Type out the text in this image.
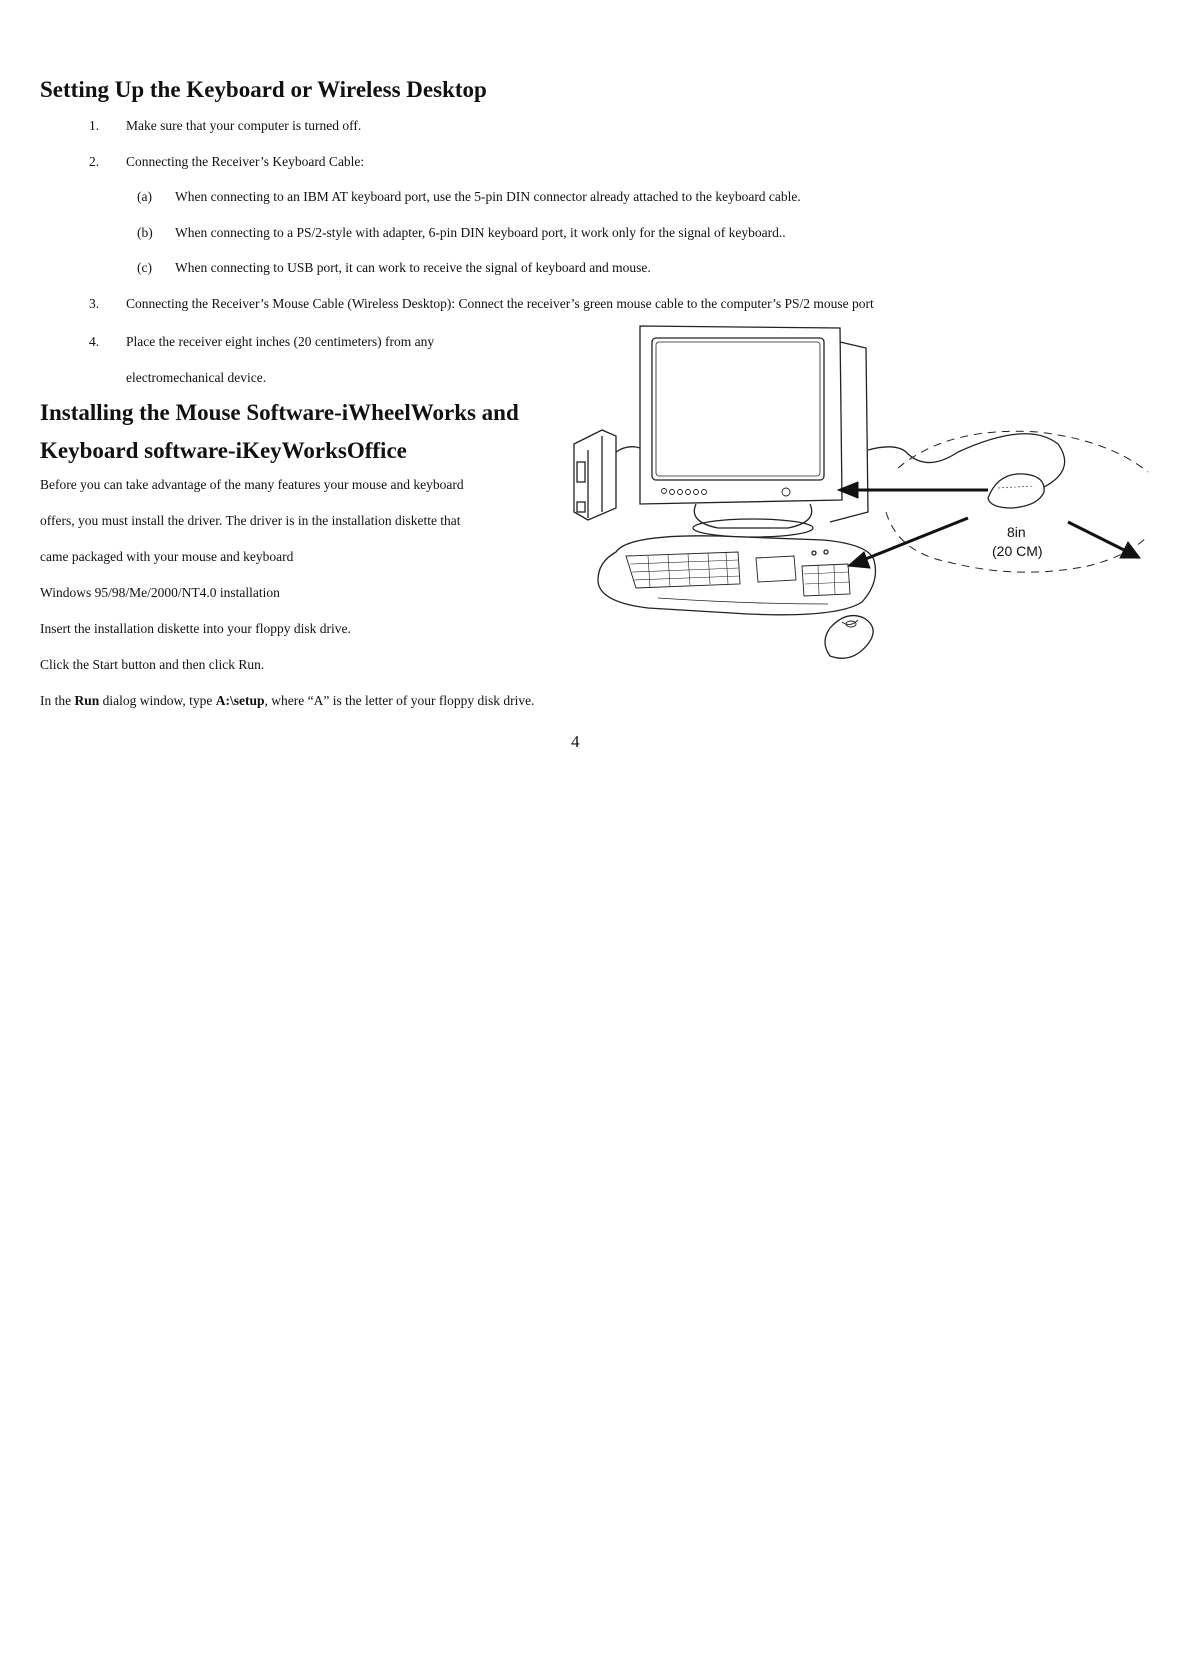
Setting Up the Keyboard or Wireless Desktop
1. Make sure that your computer is turned off.

2. Connecting the Receiver’s Keyboard Cable:

(a) When connecting to an IBM AT keyboard port, use the 5-pin DIN connector already attached to the keyboard cable.

(b) When connecting to a PS/2-style with adapter, 6-pin DIN keyboard port, it work only for the signal of keyboard..

(c) When connecting to USB port, it can work to receive the signal of keyboard and mouse.

3. Connecting the Receiver’s Mouse Cable (Wireless Desktop): Connect the receiver’s green mouse cable to the computer’s PS/2 mouse port

4. Place the receiver eight inches (20 centimeters) from any

electromechanical device.

Installing the Mouse Software-iWheelWorks and
Keyboard software-iKeyWorksOffice

Before you can take advantage of the many features your mouse and keyboard

offers, you must install the driver. The driver is in the installation diskette that

came packaged with your mouse and keyboard

Windows 95/98/Me/2000/NT4.0 installation

Insert the installation diskette into your floppy disk drive.

Click the Start button and then click Run.

In the Run dialog window, type A:\setup, where “A” is the letter of your floppy disk drive.

8in
(20 CM)
4
